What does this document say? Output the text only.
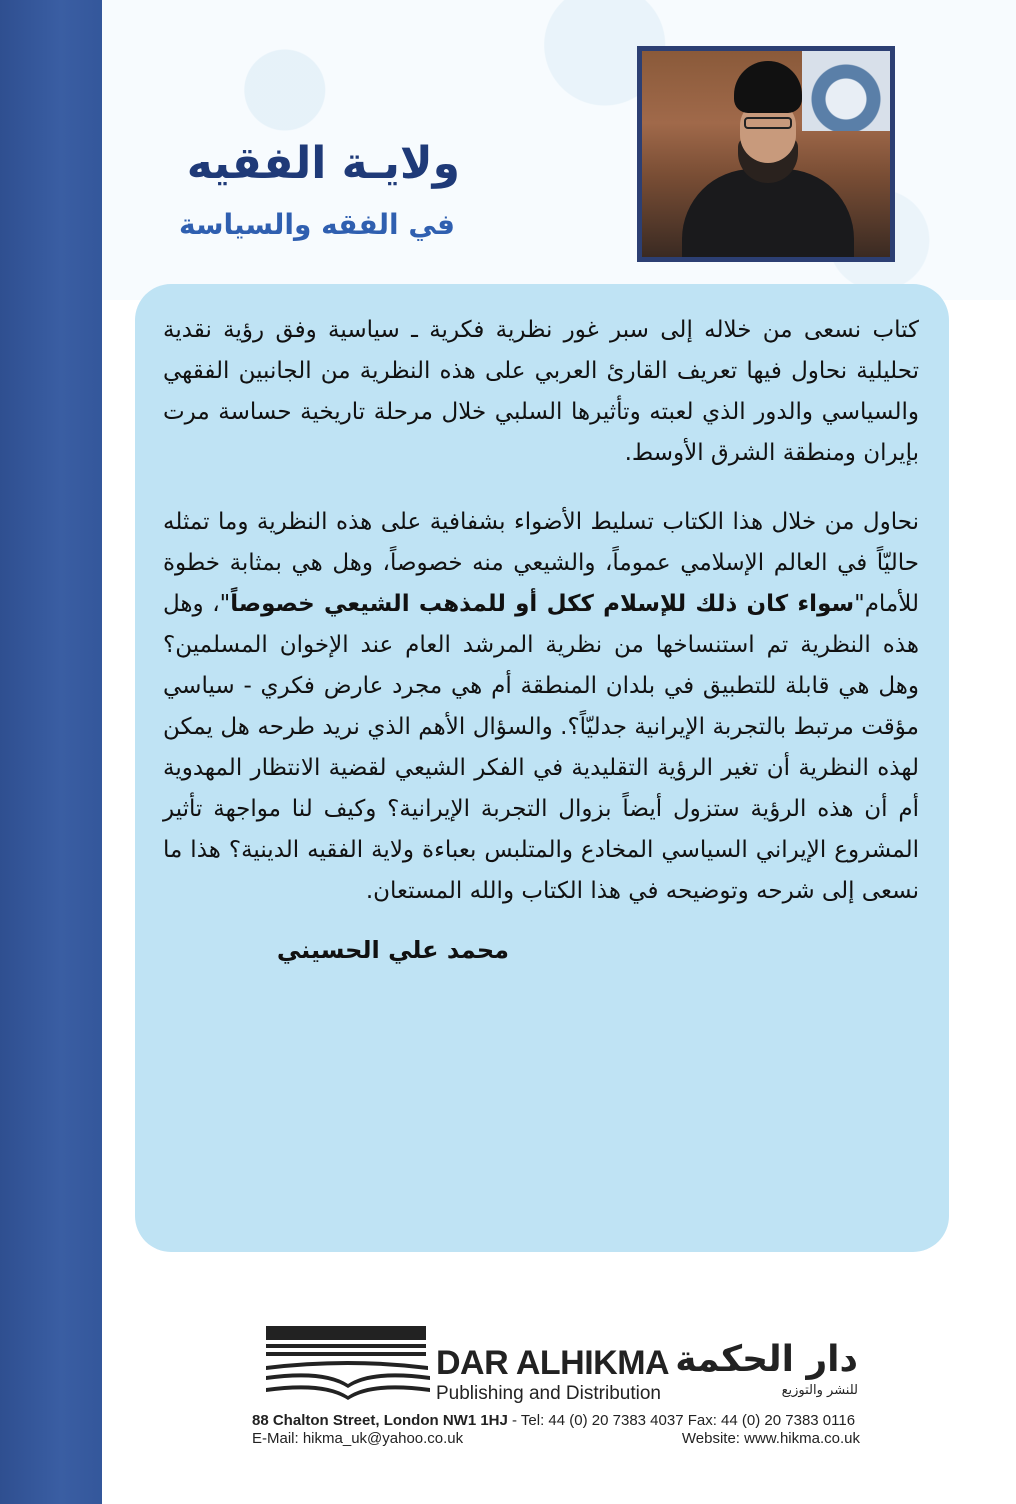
ولايـة الفقيه
في الفقه والسياسة

كتاب نسعى من خلاله إلى سبر غور نظرية فكرية ـ سياسية وفق رؤية نقدية تحليلية نحاول فيها تعريف القارئ العربي على هذه النظرية من الجانبين الفقهي والسياسي والدور الذي لعبته وتأثيرها السلبي خلال مرحلة تاريخية حساسة مرت بإيران ومنطقة الشرق الأوسط.

نحاول من خلال هذا الكتاب تسليط الأضواء بشفافية على هذه النظرية وما تمثله حاليّاً في العالم الإسلامي عموماً، والشيعي منه خصوصاً، وهل هي بمثابة خطوة للأمام"سواء كان ذلك للإسلام ككل أو للمذهب الشيعي خصوصاً"، وهل هذه النظرية تم استنساخها من نظرية المرشد العام عند الإخوان المسلمين؟ وهل هي قابلة للتطبيق في بلدان المنطقة أم هي مجرد عارض فكري - سياسي مؤقت مرتبط بالتجربة الإيرانية جدليّاً؟. والسؤال الأهم الذي نريد طرحه هل يمكن لهذه النظرية أن تغير الرؤية التقليدية في الفكر الشيعي لقضية الانتظار المهدوية أم أن هذه الرؤية ستزول أيضاً بزوال التجربة الإيرانية؟ وكيف لنا مواجهة تأثير المشروع الإيراني السياسي المخادع والمتلبس بعباءة ولاية الفقيه الدينية؟ هذا ما نسعى إلى شرحه وتوضيحه في هذا الكتاب والله المستعان.

محمد علي الحسيني
DAR ALHIKMA دار الحكمة
Publishing and Distribution	للنشر والتوزيع
88 Chalton Street, London NW1 1HJ - Tel: 44 (0) 20 7383 4037 Fax: 44 (0) 20 7383 0116
E-Mail: hikma_uk@yahoo.co.uk	Website: www.hikma.co.uk
